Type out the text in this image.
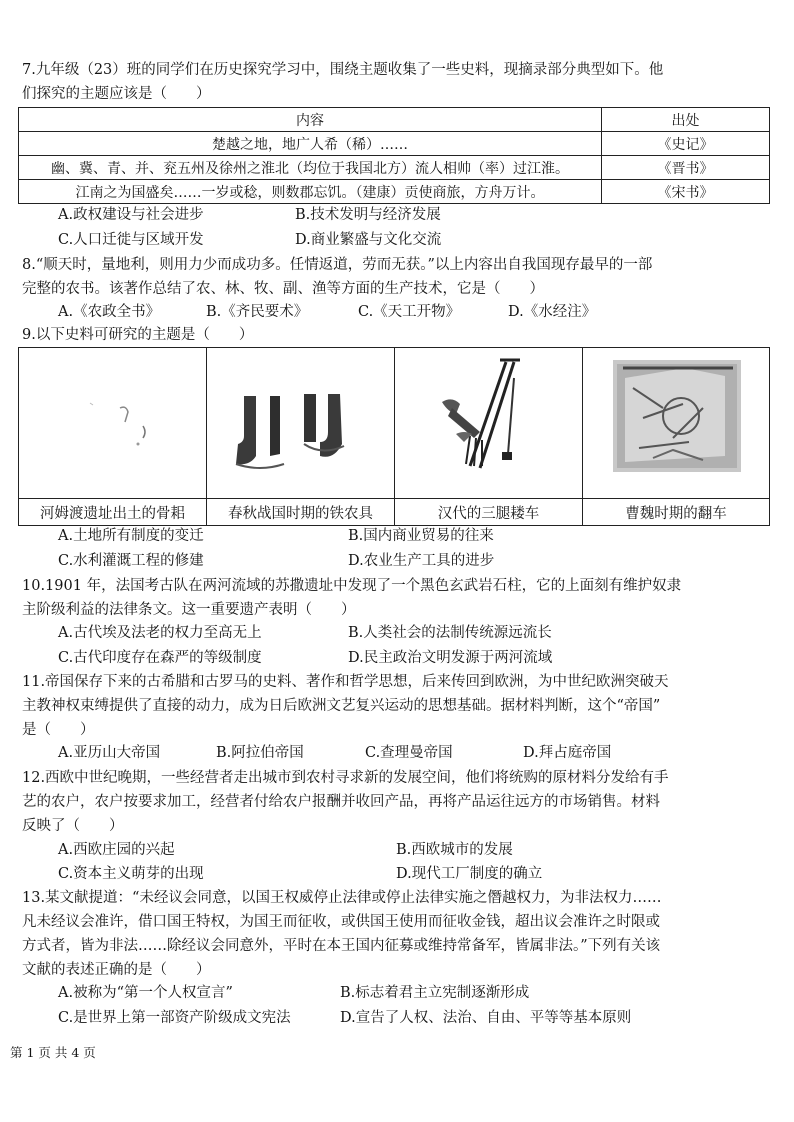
7.九年级（23）班的同学们在历史探究学习中，围绕主题收集了一些史料，现摘录部分典型如下。他
们探究的主题应该是（　　）
内容	出处
楚越之地，地广人希（稀）……	《史记》
幽、冀、青、并、兖五州及徐州之淮北（均位于我国北方）流人相帅（率）过江淮。	《晋书》
江南之为国盛矣……一岁或稔，则数郡忘饥。（建康）贡使商旅，方舟万计。	《宋书》
A.政权建设与社会进步	B.技术发明与经济发展
C.人口迁徙与区域开发	D.商业繁盛与文化交流
8.“顺天时，量地利，则用力少而成功多。任情返道，劳而无获。”以上内容出自我国现存最早的一部
完整的农书。该著作总结了农、林、牧、副、渔等方面的生产技术，它是（　　）
A.《农政全书》	B.《齐民要术》	C.《天工开物》	D.《水经注》
9.以下史料可研究的主题是（　　）

河姆渡遗址出土的骨耜	春秋战国时期的铁农具	汉代的三腿耧车	曹魏时期的翻车
A.土地所有制度的变迁	B.国内商业贸易的往来
C.水利灌溉工程的修建	D.农业生产工具的进步
10.1901 年，法国考古队在两河流域的苏撒遗址中发现了一个黑色玄武岩石柱，它的上面刻有维护奴隶
主阶级利益的法律条文。这一重要遗产表明（　　）
A.古代埃及法老的权力至高无上	B.人类社会的法制传统源远流长
C.古代印度存在森严的等级制度	D.民主政治文明发源于两河流域
11.帝国保存下来的古希腊和古罗马的史料、著作和哲学思想，后来传回到欧洲，为中世纪欧洲突破天
主教神权束缚提供了直接的动力，成为日后欧洲文艺复兴运动的思想基础。据材料判断，这个“帝国”
是（　　）
A.亚历山大帝国	B.阿拉伯帝国	C.查理曼帝国	D.拜占庭帝国
12.西欧中世纪晚期，一些经营者走出城市到农村寻求新的发展空间，他们将统购的原材料分发给有手
艺的农户，农户按要求加工，经营者付给农户报酬并收回产品，再将产品运往远方的市场销售。材料
反映了（　　）
A.西欧庄园的兴起	B.西欧城市的发展
C.资本主义萌芽的出现	D.现代工厂制度的确立
13.某文献提道：“未经议会同意，以国王权威停止法律或停止法律实施之僭越权力，为非法权力……
凡未经议会准许，借口国王特权，为国王而征收，或供国王使用而征收金钱，超出议会准许之时限或
方式者，皆为非法……除经议会同意外，平时在本王国内征募或维持常备军，皆属非法。”下列有关该
文献的表述正确的是（　　）
A.被称为“第一个人权宣言”	B.标志着君主立宪制逐渐形成
C.是世界上第一部资产阶级成文宪法	D.宣告了人权、法治、自由、平等等基本原则
第 1 页 共 4 页
